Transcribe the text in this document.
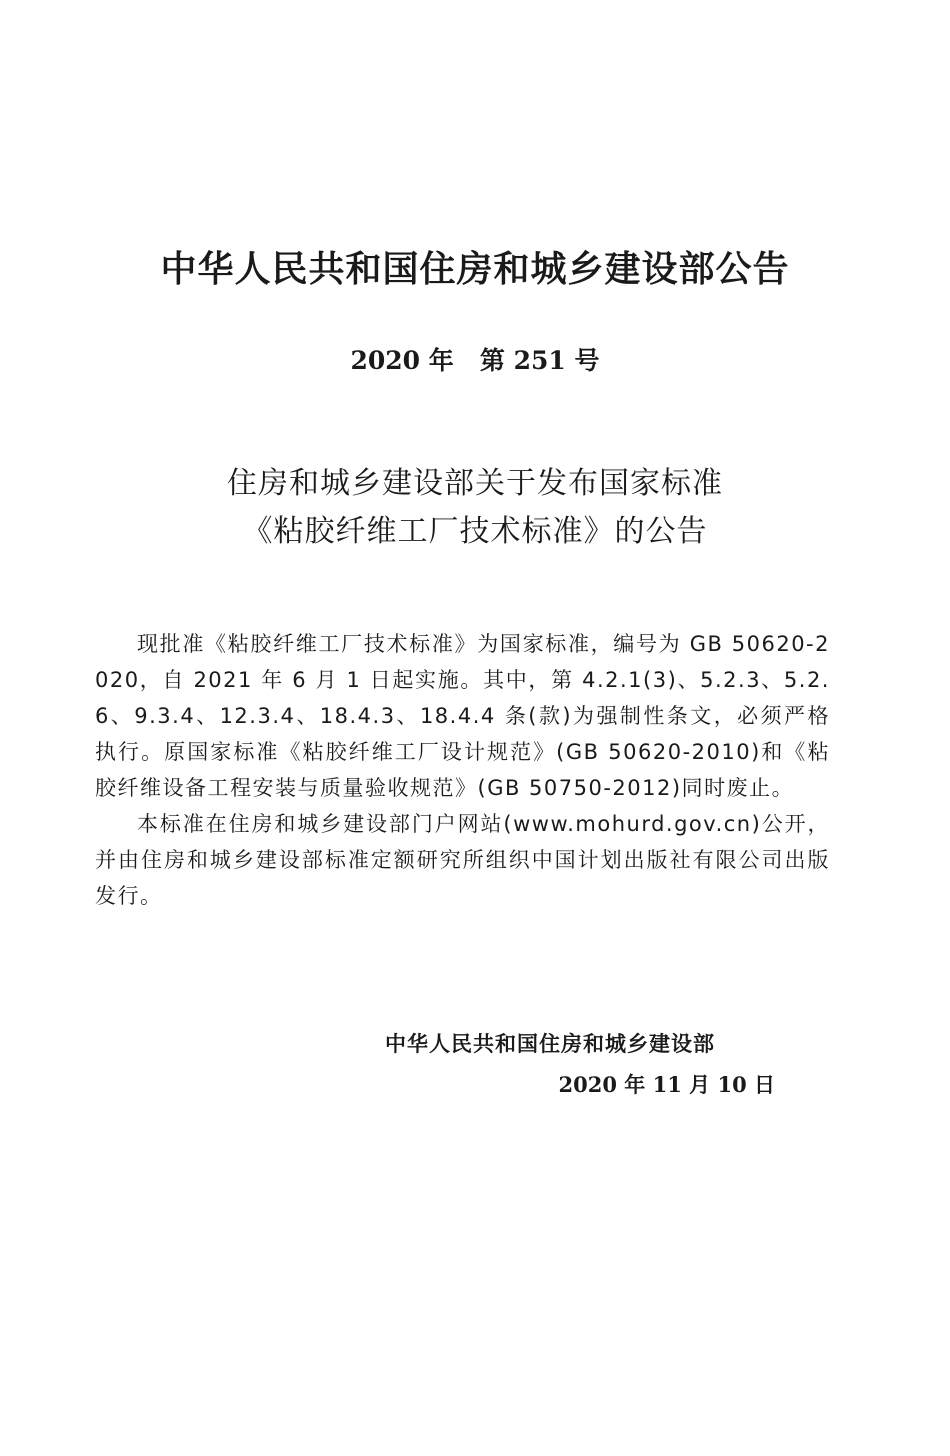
中华人民共和国住房和城乡建设部公告
2020 年   第 251 号
住房和城乡建设部关于发布国家标准
《粘胶纤维工厂技术标准》的公告

现批准《粘胶纤维工厂技术标准》为国家标准，编号为 GB 50620-2020，自 2021 年 6 月 1 日起实施。其中，第 4.2.1(3)、5.2.3、5.2.6、9.3.4、12.3.4、18.4.3、18.4.4 条(款)为强制性条文，必须严格执行。原国家标准《粘胶纤维工厂设计规范》(GB 50620-2010)和《粘胶纤维设备工程安装与质量验收规范》(GB 50750-2012)同时废止。

本标准在住房和城乡建设部门户网站(www.mohurd.gov.cn)公开，并由住房和城乡建设部标准定额研究所组织中国计划出版社有限公司出版发行。

中华人民共和国住房和城乡建设部
2020 年 11 月 10 日
